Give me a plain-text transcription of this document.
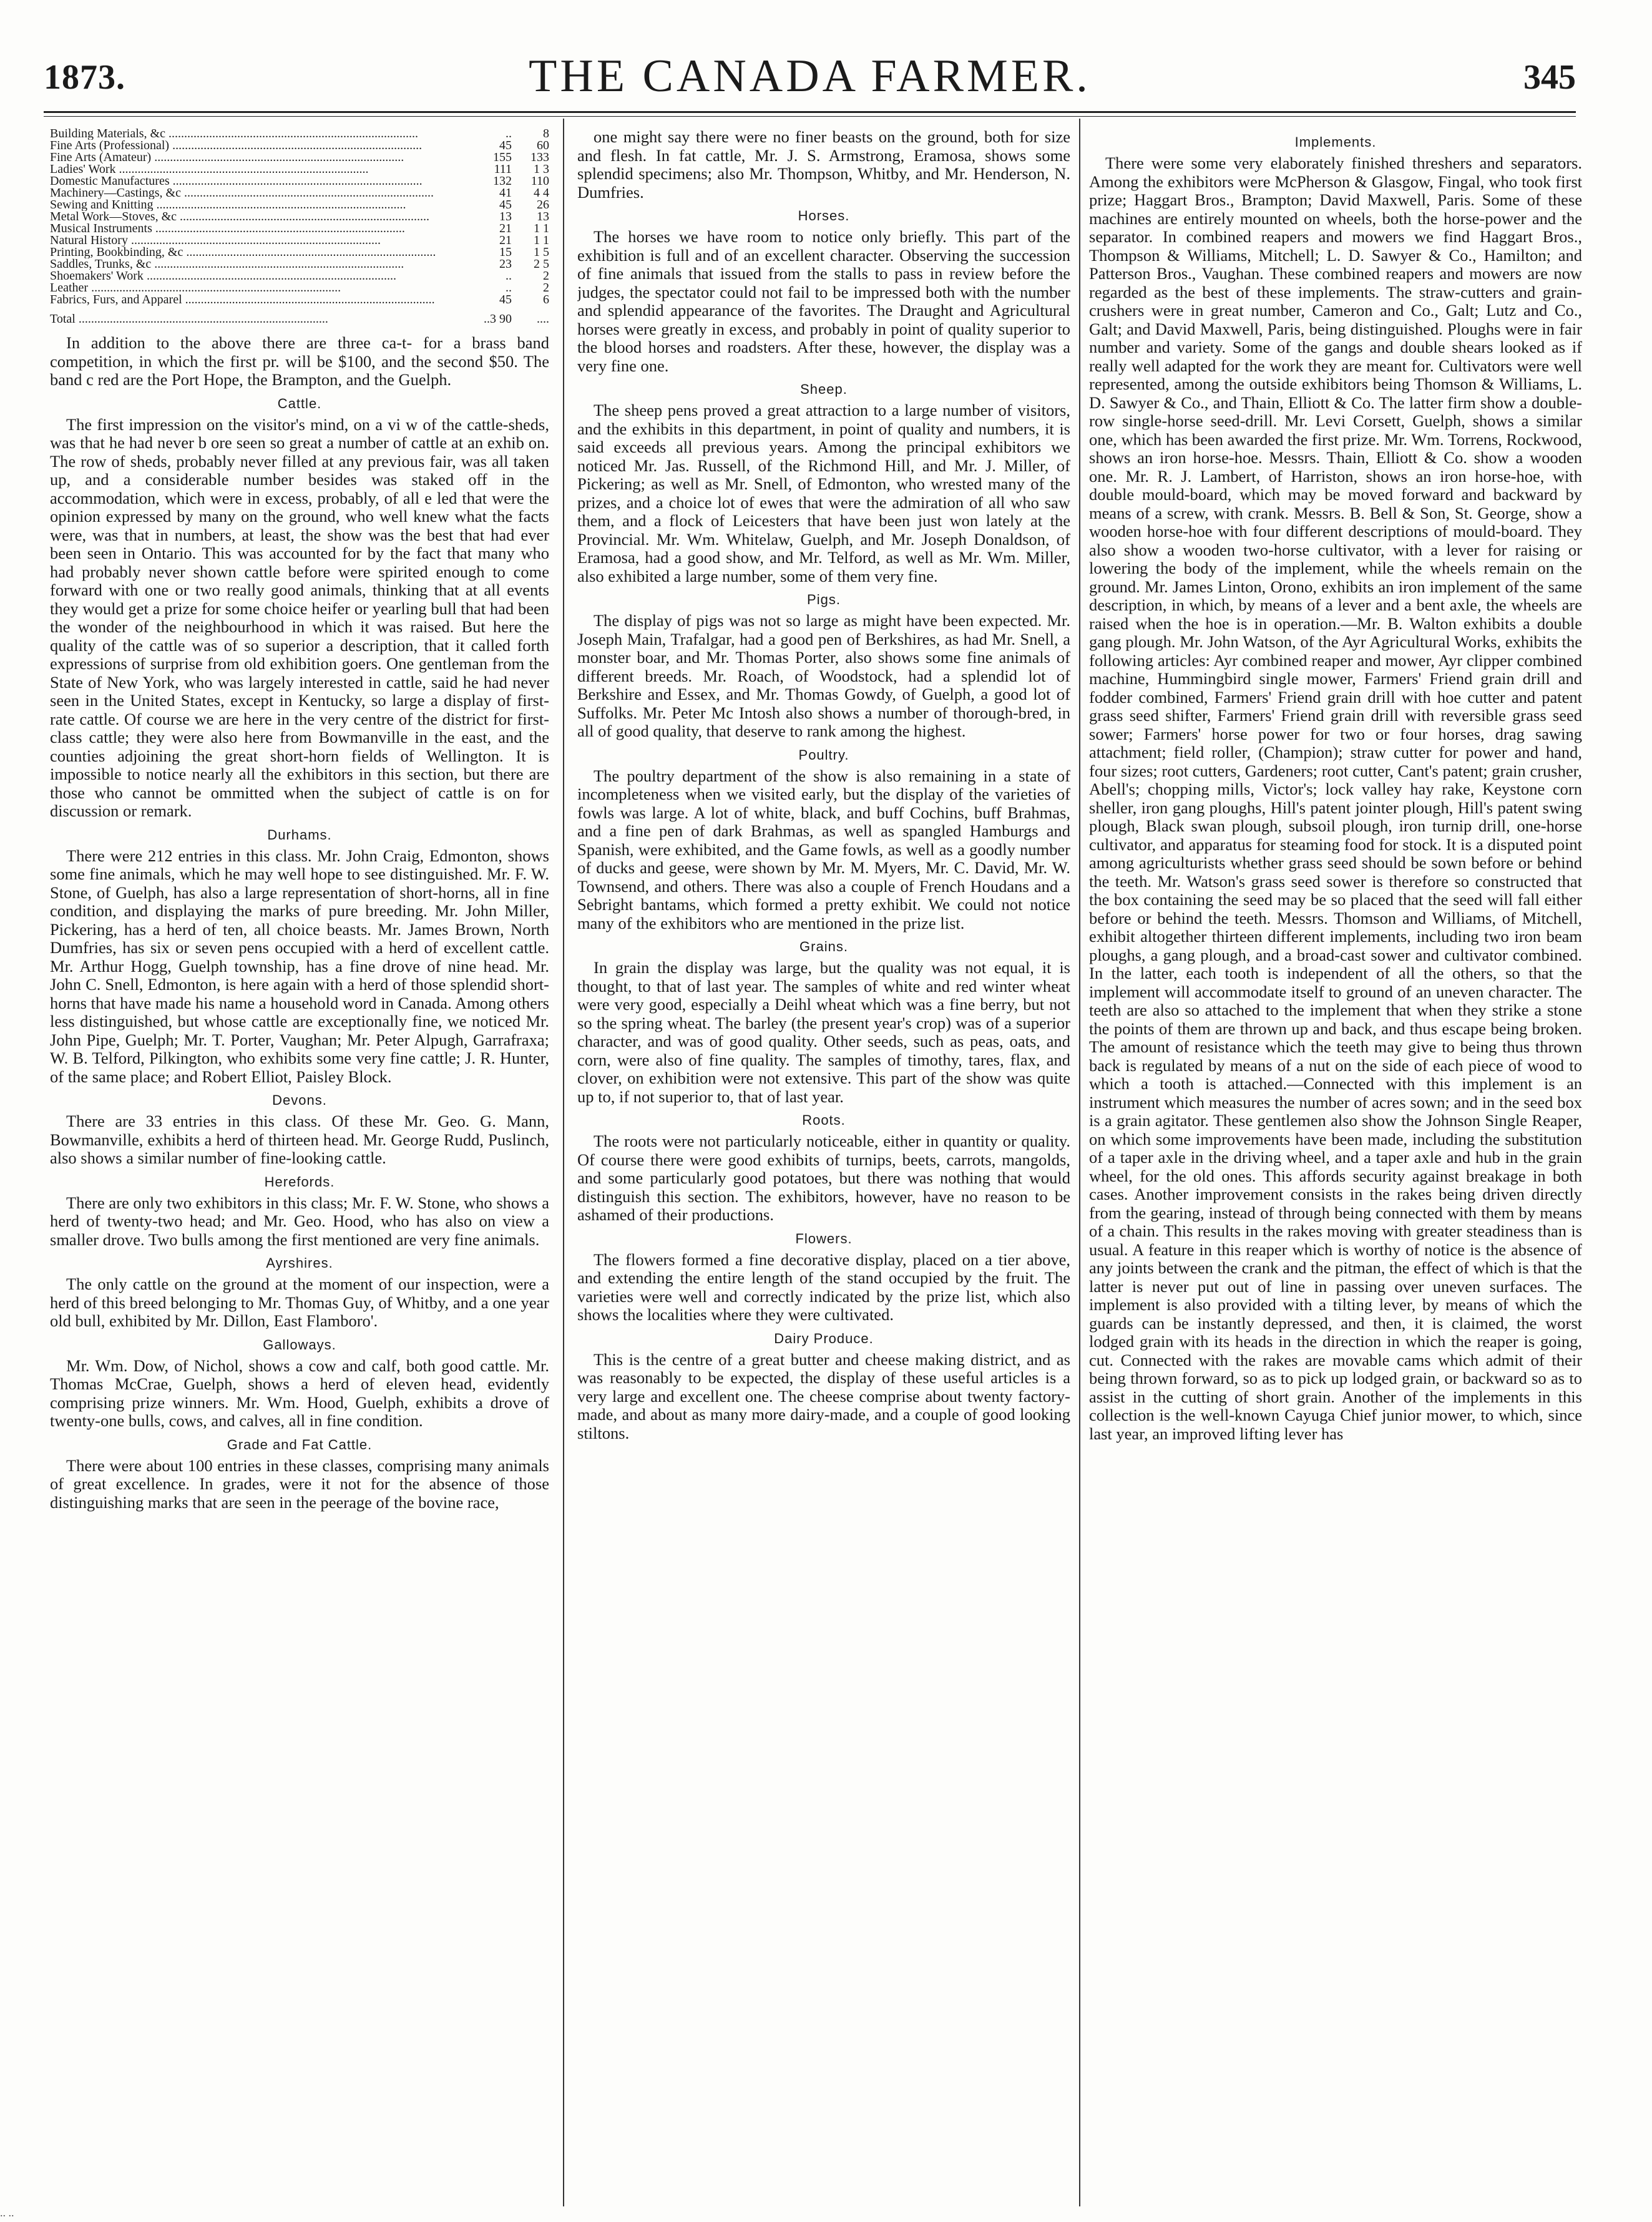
1873.	THE CANADA FARMER.	345
Building Materials, &c .....	..	8
Fine Arts (Professional) .....	45	60
Fine Arts (Amateur) .....	155	133
Ladies' Work .....	111	1 3
Domestic Manufactures .....	132	110
Machinery—Castings, &c .....	41	4 4
Sewing and Knitting .....	45	26
Metal Work—Stoves, &c .....	13	13
Musical Instruments .....	21	1 1
Natural History .....	21	1 1
Printing, Bookbinding, &c .....	15	1 5
Saddles, Trunks, &c .....	23	2 5
Shoemakers' Work .....	..	2
Leather .....	..	2
Fabrics, Furs, and Apparel .....	45	6
Total .....	..3 90	....

In addition to the above there are three ca-t- for a brass band competition, in which the first pr. will be $100, and the second $50. The band c red are the Port Hope, the Brampton, and the Guelph.

Cattle.

The first impression on the visitor's mind, on a vi w of the cattle-sheds, was that he had never b ore seen so great a number of cattle at an exhib on. The row of sheds, probably never filled at any previous fair, was all taken up, and a considerable number besides was staked off in the accommodation, which were in excess, probably, of all e led that were the opinion expressed by many on the ground, who well knew what the facts were, was that in numbers, at least, the show was the best that had ever been seen in Ontario. This was accounted for by the fact that many who had probably never shown cattle before were spirited enough to come forward with one or two really good animals, thinking that at all events they would get a prize for some choice heifer or yearling bull that had been the wonder of the neighbourhood in which it was raised. But here the quality of the cattle was of so superior a description, that it called forth expressions of surprise from old exhibition goers. One gentleman from the State of New York, who was largely interested in cattle, said he had never seen in the United States, except in Kentucky, so large a display of first-rate cattle. Of course we are here in the very centre of the district for first-class cattle; they were also here from Bowmanville in the east, and the counties adjoining the great short-horn fields of Wellington. It is impossible to notice nearly all the exhibitors in this section, but there are those who cannot be ommitted when the subject of cattle is on for discussion or remark.

Durhams.

There were 212 entries in this class. Mr. John Craig, Edmonton, shows some fine animals, which he may well hope to see distinguished. Mr. F. W. Stone, of Guelph, has also a large representation of short-horns, all in fine condition, and displaying the marks of pure breeding. Mr. John Miller, Pickering, has a herd of ten, all choice beasts. Mr. James Brown, North Dumfries, has six or seven pens occupied with a herd of excellent cattle. Mr. Arthur Hogg, Guelph township, has a fine drove of nine head. Mr. John C. Snell, Edmonton, is here again with a herd of those splendid short-horns that have made his name a household word in Canada. Among others less distinguished, but whose cattle are exceptionally fine, we noticed Mr. John Pipe, Guelph; Mr. T. Porter, Vaughan; Mr. Peter Alpugh, Garrafraxa; W. B. Telford, Pilkington, who exhibits some very fine cattle; J. R. Hunter, of the same place; and Robert Elliot, Paisley Block.

Devons.

There are 33 entries in this class. Of these Mr. Geo. G. Mann, Bowmanville, exhibits a herd of thirteen head. Mr. George Rudd, Puslinch, also shows a similar number of fine-looking cattle.

Herefords.

There are only two exhibitors in this class; Mr. F. W. Stone, who shows a herd of twenty-two head; and Mr. Geo. Hood, who has also on view a smaller drove. Two bulls among the first mentioned are very fine animals.

Ayrshires.

The only cattle on the ground at the moment of our inspection, were a herd of this breed belonging to Mr. Thomas Guy, of Whitby, and a one year old bull, exhibited by Mr. Dillon, East Flamboro'.

Galloways.

Mr. Wm. Dow, of Nichol, shows a cow and calf, both good cattle. Mr. Thomas McCrae, Guelph, shows a herd of eleven head, evidently comprising prize winners. Mr. Wm. Hood, Guelph, exhibits a drove of twenty-one bulls, cows, and calves, all in fine condition.

Grade and Fat Cattle.

There were about 100 entries in these classes, comprising many animals of great excellence. In grades, were it not for the absence of those distinguishing marks that are seen in the peerage of the bovine race,

one might say there were no finer beasts on the ground, both for size and flesh. In fat cattle, Mr. J. S. Armstrong, Eramosa, shows some splendid specimens; also Mr. Thompson, Whitby, and Mr. Henderson, N. Dumfries.

Horses.

The horses we have room to notice only briefly. This part of the exhibition is full and of an excellent character. Observing the succession of fine animals that issued from the stalls to pass in review before the judges, the spectator could not fail to be impressed both with the number and splendid appearance of the favorites. The Draught and Agricultural horses were greatly in excess, and probably in point of quality superior to the blood horses and roadsters. After these, however, the display was a very fine one.

Sheep.

The sheep pens proved a great attraction to a large number of visitors, and the exhibits in this department, in point of quality and numbers, it is said exceeds all previous years. Among the principal exhibitors we noticed Mr. Jas. Russell, of the Richmond Hill, and Mr. J. Miller, of Pickering; as well as Mr. Snell, of Edmonton, who wrested many of the prizes, and a choice lot of ewes that were the admiration of all who saw them, and a flock of Leicesters that have been just won lately at the Provincial. Mr. Wm. Whitelaw, Guelph, and Mr. Joseph Donaldson, of Eramosa, had a good show, and Mr. Telford, as well as Mr. Wm. Miller, also exhibited a large number, some of them very fine.

Pigs.

The display of pigs was not so large as might have been expected. Mr. Joseph Main, Trafalgar, had a good pen of Berkshires, as had Mr. Snell, a monster boar, and Mr. Thomas Porter, also shows some fine animals of different breeds. Mr. Roach, of Woodstock, had a splendid lot of Berkshire and Essex, and Mr. Thomas Gowdy, of Guelph, a good lot of Suffolks. Mr. Peter Mc Intosh also shows a number of thorough-bred, in all of good quality, that deserve to rank among the highest.

Poultry.

The poultry department of the show is also remaining in a state of incompleteness when we visited early, but the display of the varieties of fowls was large. A lot of white, black, and buff Cochins, buff Brahmas, and a fine pen of dark Brahmas, as well as spangled Hamburgs and Spanish, were exhibited, and the Game fowls, as well as a goodly number of ducks and geese, were shown by Mr. M. Myers, Mr. C. David, Mr. W. Townsend, and others. There was also a couple of French Houdans and a Sebright bantams, which formed a pretty exhibit. We could not notice many of the exhibitors who are mentioned in the prize list.

Grains.

In grain the display was large, but the quality was not equal, it is thought, to that of last year. The samples of white and red winter wheat were very good, especially a Deihl wheat which was a fine berry, but not so the spring wheat. The barley (the present year's crop) was of a superior character, and was of good quality. Other seeds, such as peas, oats, and corn, were also of fine quality. The samples of timothy, tares, flax, and clover, on exhibition were not extensive. This part of the show was quite up to, if not superior to, that of last year.

Roots.

The roots were not particularly noticeable, either in quantity or quality. Of course there were good exhibits of turnips, beets, carrots, mangolds, and some particularly good potatoes, but there was nothing that would distinguish this section. The exhibitors, however, have no reason to be ashamed of their productions.

Flowers.

The flowers formed a fine decorative display, placed on a tier above, and extending the entire length of the stand occupied by the fruit. The varieties were well and correctly indicated by the prize list, which also shows the localities where they were cultivated.

Dairy Produce.

This is the centre of a great butter and cheese making district, and as was reasonably to be expected, the display of these useful articles is a very large and excellent one. The cheese comprise about twenty factory-made, and about as many more dairy-made, and a couple of good looking stiltons.

Implements.

There were some very elaborately finished threshers and separators. Among the exhibitors were McPherson & Glasgow, Fingal, who took first prize; Haggart Bros., Brampton; David Maxwell, Paris. Some of these machines are entirely mounted on wheels, both the horse-power and the separator. In combined reapers and mowers we find Haggart Bros., Thompson & Williams, Mitchell; L. D. Sawyer & Co., Hamilton; and Patterson Bros., Vaughan. These combined reapers and mowers are now regarded as the best of these implements. The straw-cutters and grain-crushers were in great number, Cameron and Co., Galt; Lutz and Co., Galt; and David Maxwell, Paris, being distinguished. Ploughs were in fair number and variety. Some of the gangs and double shears looked as if really well adapted for the work they are meant for. Cultivators were well represented, among the outside exhibitors being Thomson & Williams, L. D. Sawyer & Co., and Thain, Elliott & Co. The latter firm show a double-row single-horse seed-drill. Mr. Levi Corsett, Guelph, shows a similar one, which has been awarded the first prize. Mr. Wm. Torrens, Rockwood, shows an iron horse-hoe. Messrs. Thain, Elliott & Co. show a wooden one. Mr. R. J. Lambert, of Harriston, shows an iron horse-hoe, with double mould-board, which may be moved forward and backward by means of a screw, with crank. Messrs. B. Bell & Son, St. George, show a wooden horse-hoe with four different descriptions of mould-board. They also show a wooden two-horse cultivator, with a lever for raising or lowering the body of the implement, while the wheels remain on the ground. Mr. James Linton, Orono, exhibits an iron implement of the same description, in which, by means of a lever and a bent axle, the wheels are raised when the hoe is in operation.—Mr. B. Walton exhibits a double gang plough. Mr. John Watson, of the Ayr Agricultural Works, exhibits the following articles: Ayr combined reaper and mower, Ayr clipper combined machine, Hummingbird single mower, Farmers' Friend grain drill and fodder combined, Farmers' Friend grain drill with hoe cutter and patent grass seed shifter, Farmers' Friend grain drill with reversible grass seed sower; Farmers' horse power for two or four horses, drag sawing attachment; field roller, (Champion); straw cutter for power and hand, four sizes; root cutters, Gardeners; root cutter, Cant's patent; grain crusher, Abell's; chopping mills, Victor's; lock valley hay rake, Keystone corn sheller, iron gang ploughs, Hill's patent jointer plough, Hill's patent swing plough, Black swan plough, subsoil plough, iron turnip drill, one-horse cultivator, and apparatus for steaming food for stock. It is a disputed point among agriculturists whether grass seed should be sown before or behind the teeth. Mr. Watson's grass seed sower is therefore so constructed that the box containing the seed may be so placed that the seed will fall either before or behind the teeth. Messrs. Thomson and Williams, of Mitchell, exhibit altogether thirteen different implements, including two iron beam ploughs, a gang plough, and a broad-cast sower and cultivator combined. In the latter, each tooth is independent of all the others, so that the implement will accommodate itself to ground of an uneven character. The teeth are also so attached to the implement that when they strike a stone the points of them are thrown up and back, and thus escape being broken. The amount of resistance which the teeth may give to being thus thrown back is regulated by means of a nut on the side of each piece of wood to which a tooth is attached.—Connected with this implement is an instrument which measures the number of acres sown; and in the seed box is a grain agitator. These gentlemen also show the Johnson Single Reaper, on which some improvements have been made, including the substitution of a taper axle in the driving wheel, and a taper axle and hub in the grain wheel, for the old ones. This affords security against breakage in both cases. Another improvement consists in the rakes being driven directly from the gearing, instead of through being connected with them by means of a chain. This results in the rakes moving with greater steadiness than is usual. A feature in this reaper which is worthy of notice is the absence of any joints between the crank and the pitman, the effect of which is that the latter is never put out of line in passing over uneven surfaces. The implement is also provided with a tilting lever, by means of which the guards can be instantly depressed, and then, it is claimed, the worst lodged grain with its heads in the direction in which the reaper is going, cut. Connected with the rakes are movable cams which admit of their being thrown forward, so as to pick up lodged grain, or backward so as to assist in the cutting of short grain. Another of the implements in this collection is the well-known Cayuga Chief junior mower, to which, since last year, an improved lifting lever has

.. ..
